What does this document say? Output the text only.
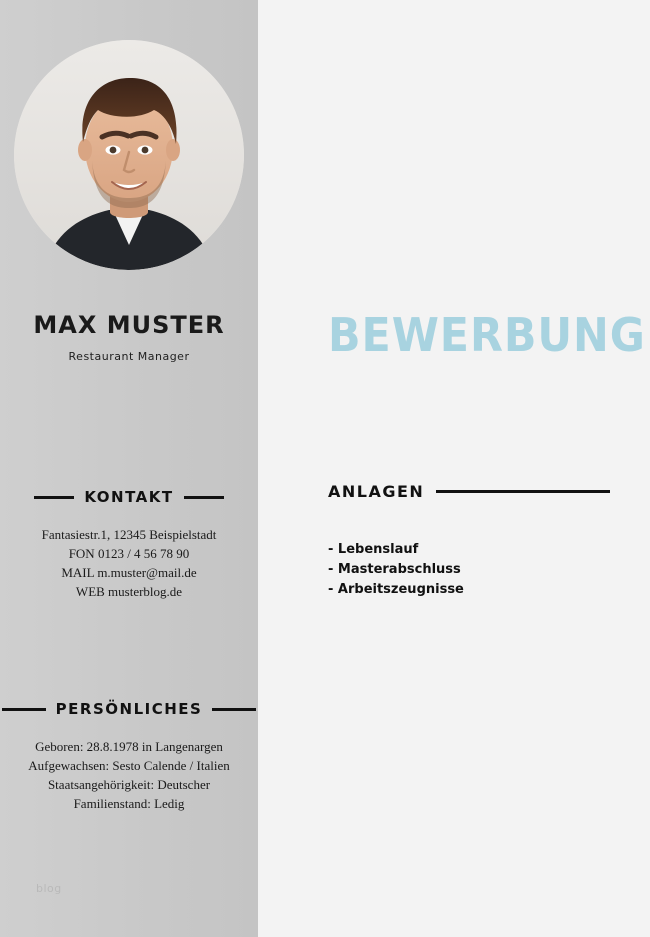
MAX MUSTER
Restaurant Manager
KONTAKT
Fantasiestr.1, 12345 Beispielstadt
FON 0123 / 4 56 78 90
MAIL m.muster@mail.de
WEB musterblog.de
PERSÖNLICHES
Geboren: 28.8.1978 in Langenargen
Aufgewachsen: Sesto Calende / Italien
Staatsangehörigkeit: Deutscher
Familienstand: Ledig
blog
BEWERBUNG
ANLAGEN
- Lebenslauf
- Masterabschluss
- Arbeitszeugnisse
